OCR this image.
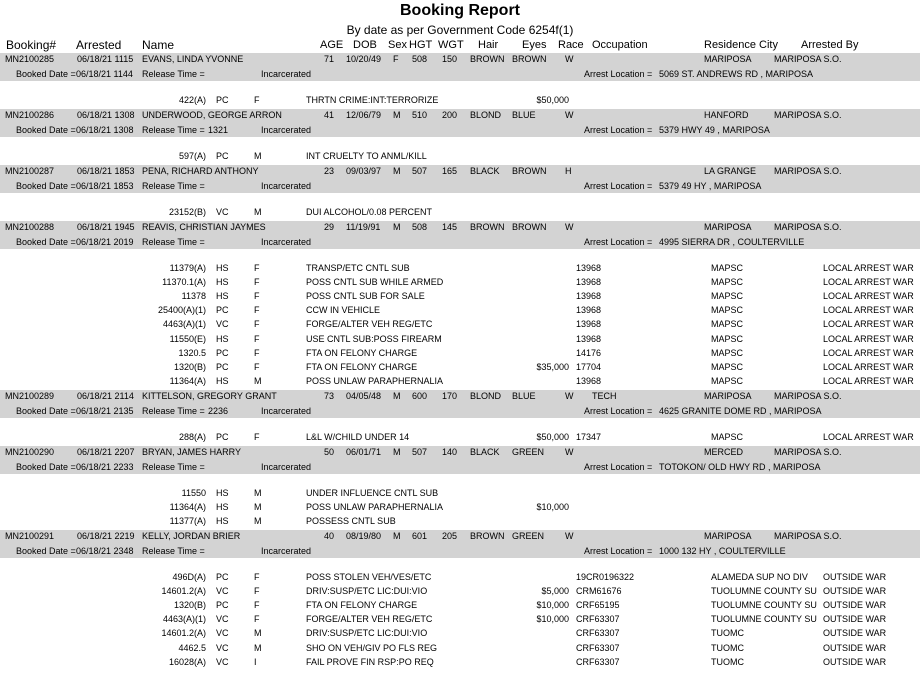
Booking Report
By date as per Government Code 6254f(1)
Booking# Arrested Name	AGE DOB Sex HGT WGT Hair Eyes Race Occupation	Residence City Arrested By
MN2100285	06/18/21 1115 EVANS, LINDA YVONNE	71 10/20/49 F 508 150 BROWN BROWN W	MARIPOSA MARIPOSA S.O.
Booked Date = 06/18/21 1144 Release Time =	Incarcerated	Arrest Location = 5069 ST. ANDREWS RD , MARIPOSA
422(A) PC	F	THRTN CRIME:INT:TERRORIZE	$50,000
MN2100286	06/18/21 1308 UNDERWOOD, GEORGE ARRON	41 12/06/79 M 510 200 BLOND BLUE	W	HANFORD	MARIPOSA S.O.
Booked Date = 06/18/21 1308 Release Time = 1321	Incarcerated	Arrest Location = 5379 HWY 49 , MARIPOSA
597(A) PC	M	INT CRUELTY TO ANML/KILL
MN2100287	06/18/21 1853 PENA, RICHARD ANTHONY	23 09/03/97 M 507 165 BLACK BROWN H	LA GRANGE MARIPOSA S.O.
Booked Date = 06/18/21 1853 Release Time =	Incarcerated	Arrest Location = 5379 49 HY , MARIPOSA
23152(B) VC	M	DUI ALCOHOL/0.08 PERCENT
MN2100288	06/18/21 1945 REAVIS, CHRISTIAN JAYMES	29 11/19/91 M 508 145 BROWN BROWN W	MARIPOSA MARIPOSA S.O.
Booked Date = 06/18/21 2019 Release Time =	Incarcerated	Arrest Location = 4995 SIERRA DR , COULTERVILLE
11379(A) HS	F	TRANSP/ETC CNTL SUB	13968	MAPSC	LOCAL ARREST WAR
11370.1(A) HS	F	POSS CNTL SUB WHILE ARMED	13968	MAPSC	LOCAL ARREST WAR
11378 HS	F	POSS CNTL SUB FOR SALE	13968	MAPSC	LOCAL ARREST WAR
25400(A)(1) PC	F	CCW IN VEHICLE	13968	MAPSC	LOCAL ARREST WAR
4463(A)(1) VC	F	FORGE/ALTER VEH REG/ETC	13968	MAPSC	LOCAL ARREST WAR
11550(E) HS	F	USE CNTL SUB:POSS FIREARM	13968	MAPSC	LOCAL ARREST WAR
1320.5 PC	F	FTA ON FELONY CHARGE	14176	MAPSC	LOCAL ARREST WAR
1320(B) PC	F	FTA ON FELONY CHARGE	$35,000 17704	MAPSC	LOCAL ARREST WAR
11364(A) HS	M	POSS UNLAW PARAPHERNALIA	13968	MAPSC	LOCAL ARREST WAR
MN2100289	06/18/21 2114 KITTELSON, GREGORY GRANT	73 04/05/48 M 600 170 BLOND BLUE	W TECH	MARIPOSA MARIPOSA S.O.
Booked Date = 06/18/21 2135 Release Time = 2236	Incarcerated	Arrest Location = 4625 GRANITE DOME RD , MARIPOSA
288(A) PC	F	L&L W/CHILD UNDER 14	$50,000 17347	MAPSC	LOCAL ARREST WAR
MN2100290	06/18/21 2207 BRYAN, JAMES HARRY	50 06/01/71 M 507 140 BLACK GREEN W	MERCED	MARIPOSA S.O.
Booked Date = 06/18/21 2233 Release Time =	Incarcerated	Arrest Location = TOTOKON/ OLD HWY RD , MARIPOSA
11550 HS	M	UNDER INFLUENCE CNTL SUB
11364(A) HS	M	POSS UNLAW PARAPHERNALIA	$10,000
11377(A) HS	M	POSSESS CNTL SUB
MN2100291	06/18/21 2219 KELLY, JORDAN BRIER	40 08/19/80 M 601 205 BROWN GREEN W	MARIPOSA MARIPOSA S.O.
Booked Date = 06/18/21 2348 Release Time =	Incarcerated	Arrest Location = 1000 132 HY , COULTERVILLE
496D(A) PC	F	POSS STOLEN VEH/VES/ETC	19CR0196322	ALAMEDA SUP NO DIV OUTSIDE WAR
14601.2(A) VC	F	DRIV:SUSP/ETC LIC:DUI:VIO	$5,000 CRM61676	TUOLUMNE COUNTY SU OUTSIDE WAR
1320(B) PC	F	FTA ON FELONY CHARGE	$10,000 CRF65195	TUOLUMNE COUNTY SU OUTSIDE WAR
4463(A)(1) VC	F	FORGE/ALTER VEH REG/ETC	$10,000 CRF63307	TUOLUMNE COUNTY SU OUTSIDE WAR
14601.2(A) VC	M	DRIV:SUSP/ETC LIC:DUI:VIO	CRF63307	TUOMC	OUTSIDE WAR
4462.5 VC	M	SHO ON VEH/GIV PO FLS REG	CRF63307	TUOMC	OUTSIDE WAR
16028(A) VC	I	FAIL PROVE FIN RSP:PO REQ	CRF63307	TUOMC	OUTSIDE WAR
